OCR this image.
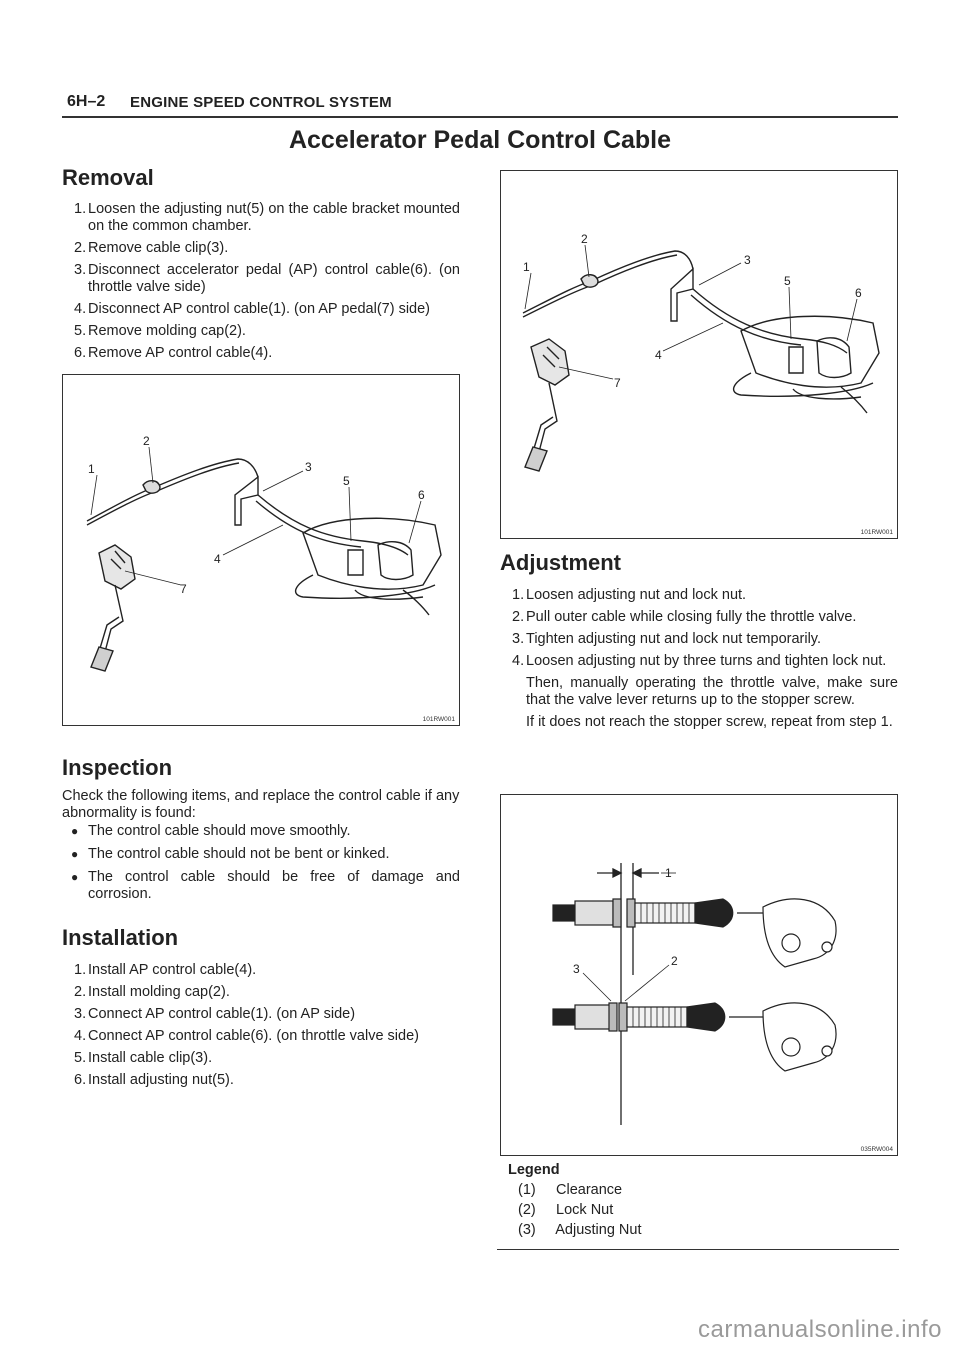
6H–2 ENGINE SPEED CONTROL SYSTEM
Accelerator Pedal Control Cable
Removal
1. Loosen the adjusting nut(5) on the cable bracket mounted on the common chamber.
2. Remove cable clip(3).
3. Disconnect accelerator pedal (AP) control cable(6). (on throttle valve side)
4. Disconnect AP control cable(1). (on AP pedal(7) side)
5. Remove molding cap(2).
6. Remove AP control cable(4).
1
2
3
4
5
6
7
101RW001
Inspection

Check the following items, and replace the control cable if any abnormality is found:

● The control cable should move smoothly.
● The control cable should not be bent or kinked.
● The control cable should be free of damage and corrosion.
Installation
1. Install AP control cable(4).
2. Install molding cap(2).
3. Connect AP control cable(1). (on AP side)
4. Connect AP control cable(6). (on throttle valve side)
5. Install cable clip(3).
6. Install adjusting nut(5).
1
2
3
4
5
6
7
101RW001
Adjustment
1. Loosen adjusting nut and lock nut.
2. Pull outer cable while closing fully the throttle valve.
3. Tighten adjusting nut and lock nut temporarily.
4. Loosen adjusting nut by three turns and tighten lock nut.
Then, manually operating the throttle valve, make sure that the valve lever returns up to the stopper screw.
If it does not reach the stopper screw, repeat from step 1.
1
2
3
035RW004
Legend
(1) Clearance
(2) Lock Nut
(3) Adjusting Nut
carmanualsonline.info
